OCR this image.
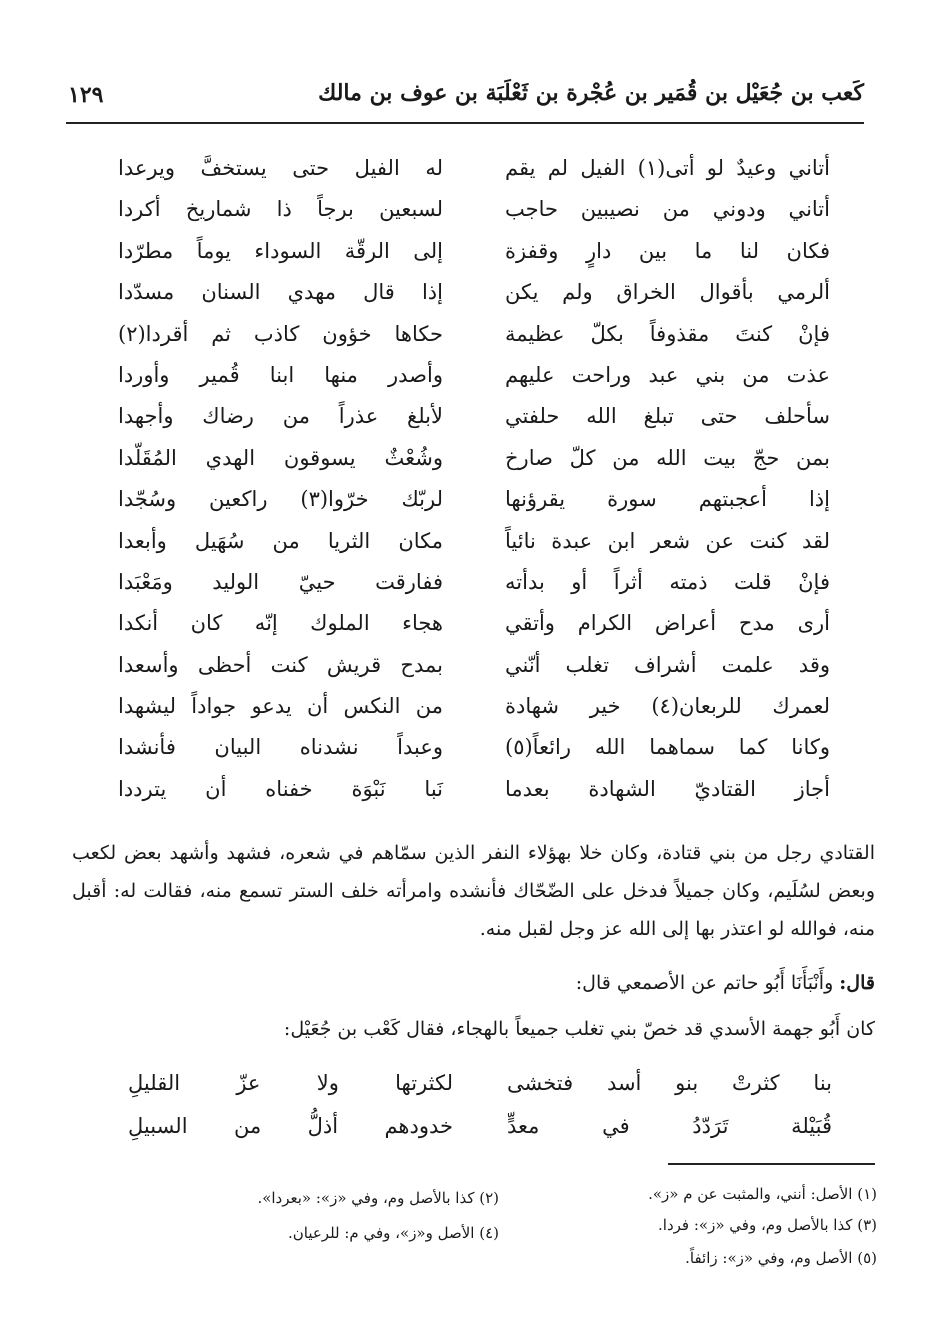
كَعب بن جُعَيْل بن قُمَير بن عُجْرة بن ثَعْلَبَة بن عوف بن مالك
١٢٩
أتاني وعيدٌ لو أتى(١) الفيل لم يقم
له الفيل حتى يستخفَّ ويرعدا
أتاني ودوني من نصيبين حاجب
لسبعين برجاً ذا شماريخ أكردا
فكان لنا ما بين دارٍ وقفزة
إلى الرقّة السوداء يوماً مطرّدا
ألرمي بأقوال الخراق ولم يكن
إذا قال مهدي السنان مسدّدا
فإنْ كنتَ مقذوفاً بكلّ عظيمة
حكاها خؤون كاذب ثم أقردا(٢)
عذت من بني عبد وراحت عليهم
وأصدر منها ابنا قُمير وأوردا
سأحلف حتى تبلغ الله حلفتي
لأبلغ عذراً من رضاك وأجهدا
بمن حجّ بيت الله من كلّ صارخ
وشُعْثٌ يسوقون الهدي المُقَلّدا
إذا أعجبتهم سورة يقرؤنها
لربّك خرّوا(٣) راكعين وسُجّدا
لقد كنت عن شعر ابن عبدة نائياً
مكان الثريا من سُهَيل وأبعدا
فإنْ قلت ذمته أثراً أو بدأته
ففارقت حييّ الوليد ومَعْبَدا
أرى مدح أعراض الكرام وأتقي
هجاء الملوك إنّه كان أنكدا
وقد علمت أشراف تغلب أنّني
بمدح قريش كنت أحظى وأسعدا
لعمرك للربعان(٤) خير شهادة
من النكس أن يدعو جواداً ليشهدا
وكانا كما سماهما الله رائعاً(٥)
وعبداً نشدناه البيان فأنشدا
أجاز القتاديّ الشهادة بعدما
نَبا نَبْوَة خفناه أن يترددا

القتادي رجل من بني قتادة، وكان خلا بهؤلاء النفر الذين سمّاهم في شعره، فشهد وأشهد بعض لكعب وبعض لسُلَيم، وكان جميلاً فدخل على الضّحّاك فأنشده وامرأته خلف الستر تسمع منه، فقالت له: أقبل منه، فوالله لو اعتذر بها إلى الله عز وجل لقبل منه.

قال: وأَنْبَأَنَا أَبُو حاتم عن الأصمعي قال:

كان أَبُو جهمة الأسدي قد خصّ بني تغلب جميعاً بالهجاء، فقال كَعْب بن جُعَيْل:

بنا كثرتْ بنو أسد فتخشى
لكثرتها ولا عزّ القليلِ
قُبَيْلة تَرَدّدُ في معدٍّ
خدودهم أذلُّ من السبيلِ
(١) الأصل: أنني، والمثبت عن م «ز».
(٢) كذا بالأصل وم، وفي «ز»: «بعردا».
(٣) كذا بالأصل وم، وفي «ز»: فردا.
(٤) الأصل و«ز»، وفي م: للرعيان.
(٥) الأصل وم، وفي «ز»: زائفاً.
